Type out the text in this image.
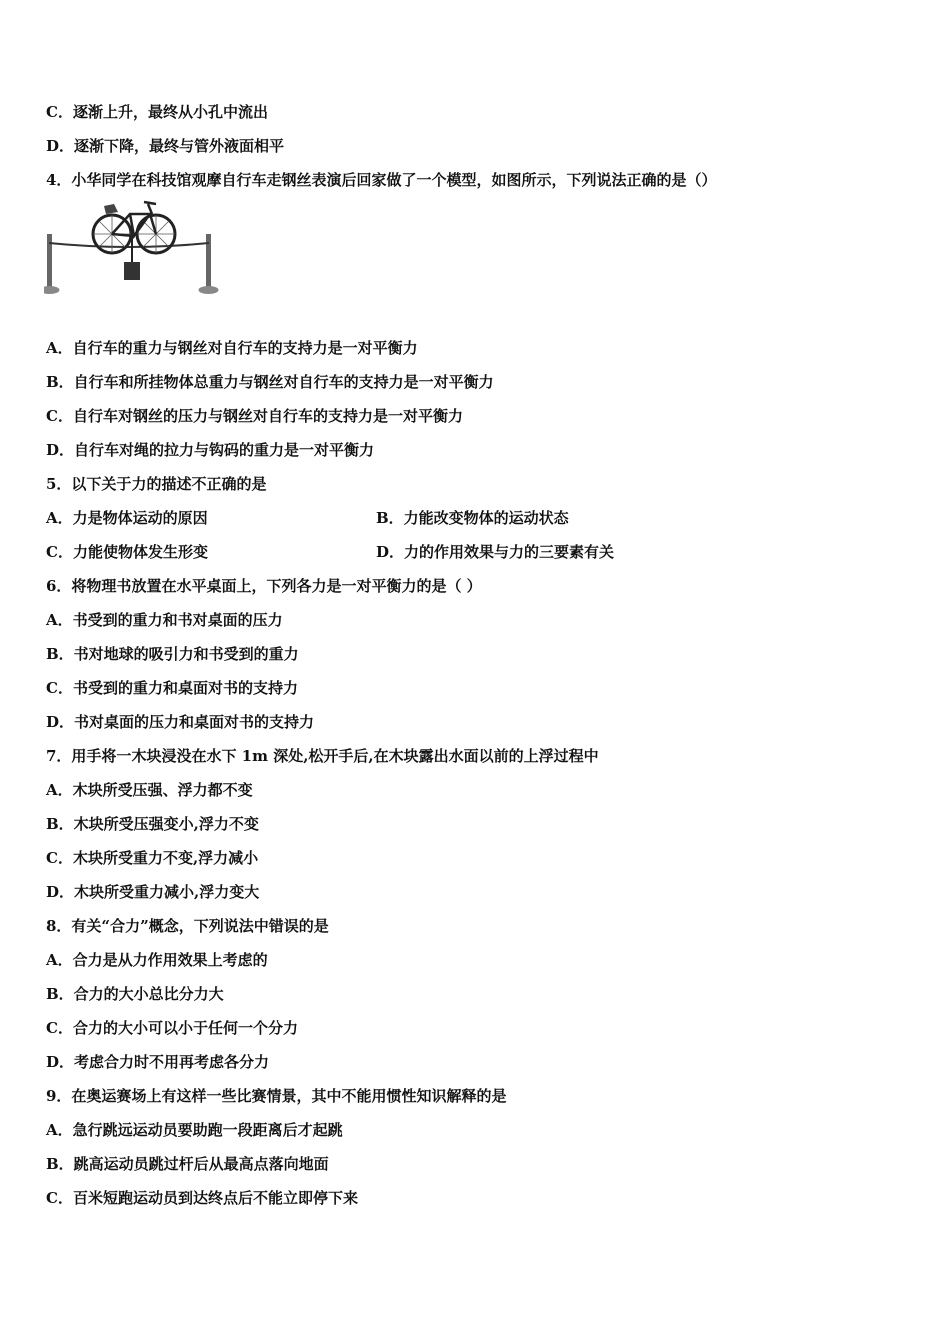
C．逐渐上升，最终从小孔中流出
D．逐渐下降，最终与管外液面相平
4．小华同学在科技馆观摩自行车走钢丝表演后回家做了一个模型，如图所示，下列说法正确的是（）
A．自行车的重力与钢丝对自行车的支持力是一对平衡力
B．自行车和所挂物体总重力与钢丝对自行车的支持力是一对平衡力
C．自行车对钢丝的压力与钢丝对自行车的支持力是一对平衡力
D．自行车对绳的拉力与钩码的重力是一对平衡力
5．以下关于力的描述不正确的是
A．力是物体运动的原因	B．力能改变物体的运动状态
C．力能使物体发生形变	D．力的作用效果与力的三要素有关
6．将物理书放置在水平桌面上，下列各力是一对平衡力的是（ ）
A．书受到的重力和书对桌面的压力
B．书对地球的吸引力和书受到的重力
C．书受到的重力和桌面对书的支持力
D．书对桌面的压力和桌面对书的支持力
7．用手将一木块浸没在水下 1m 深处,松开手后,在木块露出水面以前的上浮过程中
A．木块所受压强、浮力都不变
B．木块所受压强变小,浮力不变
C．木块所受重力不变,浮力减小
D．木块所受重力减小,浮力变大
8．有关“合力”概念，下列说法中错误的是
A．合力是从力作用效果上考虑的
B．合力的大小总比分力大
C．合力的大小可以小于任何一个分力
D．考虑合力时不用再考虑各分力
9．在奥运赛场上有这样一些比赛情景，其中不能用惯性知识解释的是
A．急行跳远运动员要助跑一段距离后才起跳
B．跳高运动员跳过杆后从最高点落向地面
C．百米短跑运动员到达终点后不能立即停下来
